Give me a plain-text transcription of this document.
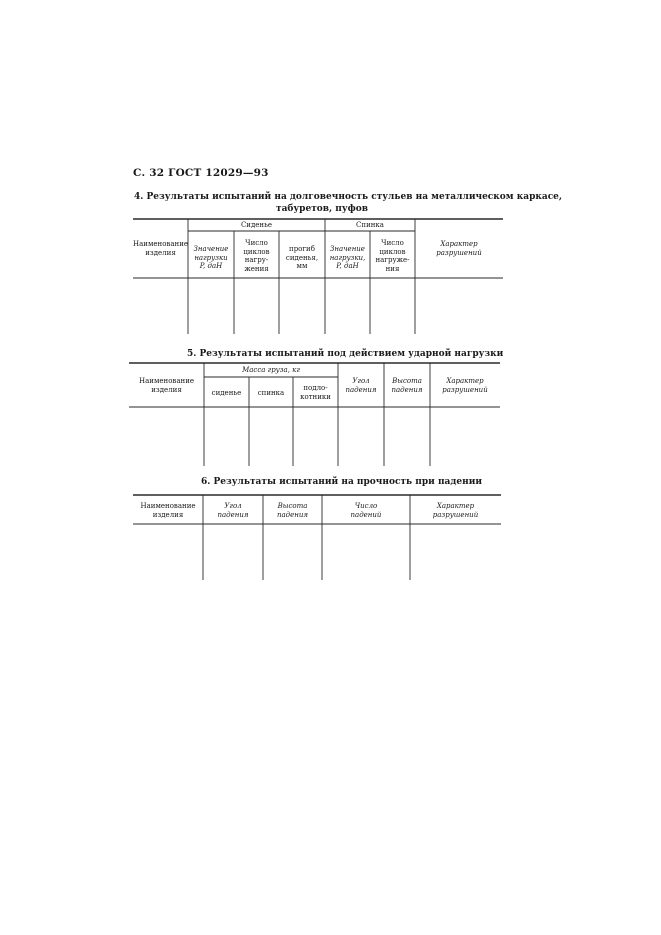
С. 32 ГОСТ 12029—93
4. Результаты испытаний на долговечность стульев на металлическом каркасе,
табуретов, пуфов
Наименование
изделия
Сиденье	Спинка
Значение
нагрузки
P, даН
Число
циклов
нагру-
жения
прогиб
сиденья,
мм
Значение
нагрузки,
P, даН
Число
циклов
нагруже-
ния
Характер
разрушений
5. Результаты испытаний под действием ударной нагрузки
Наименование
изделия
Масса груза, кг
сиденье	спинка
подло-
котники
Угол
падения
Высота
падения
Характер
разрушений
6. Результаты испытаний на прочность при падении
Наименование
изделия
Угол
падения
Высота
падения
Число
падений
Характер
разрушений
